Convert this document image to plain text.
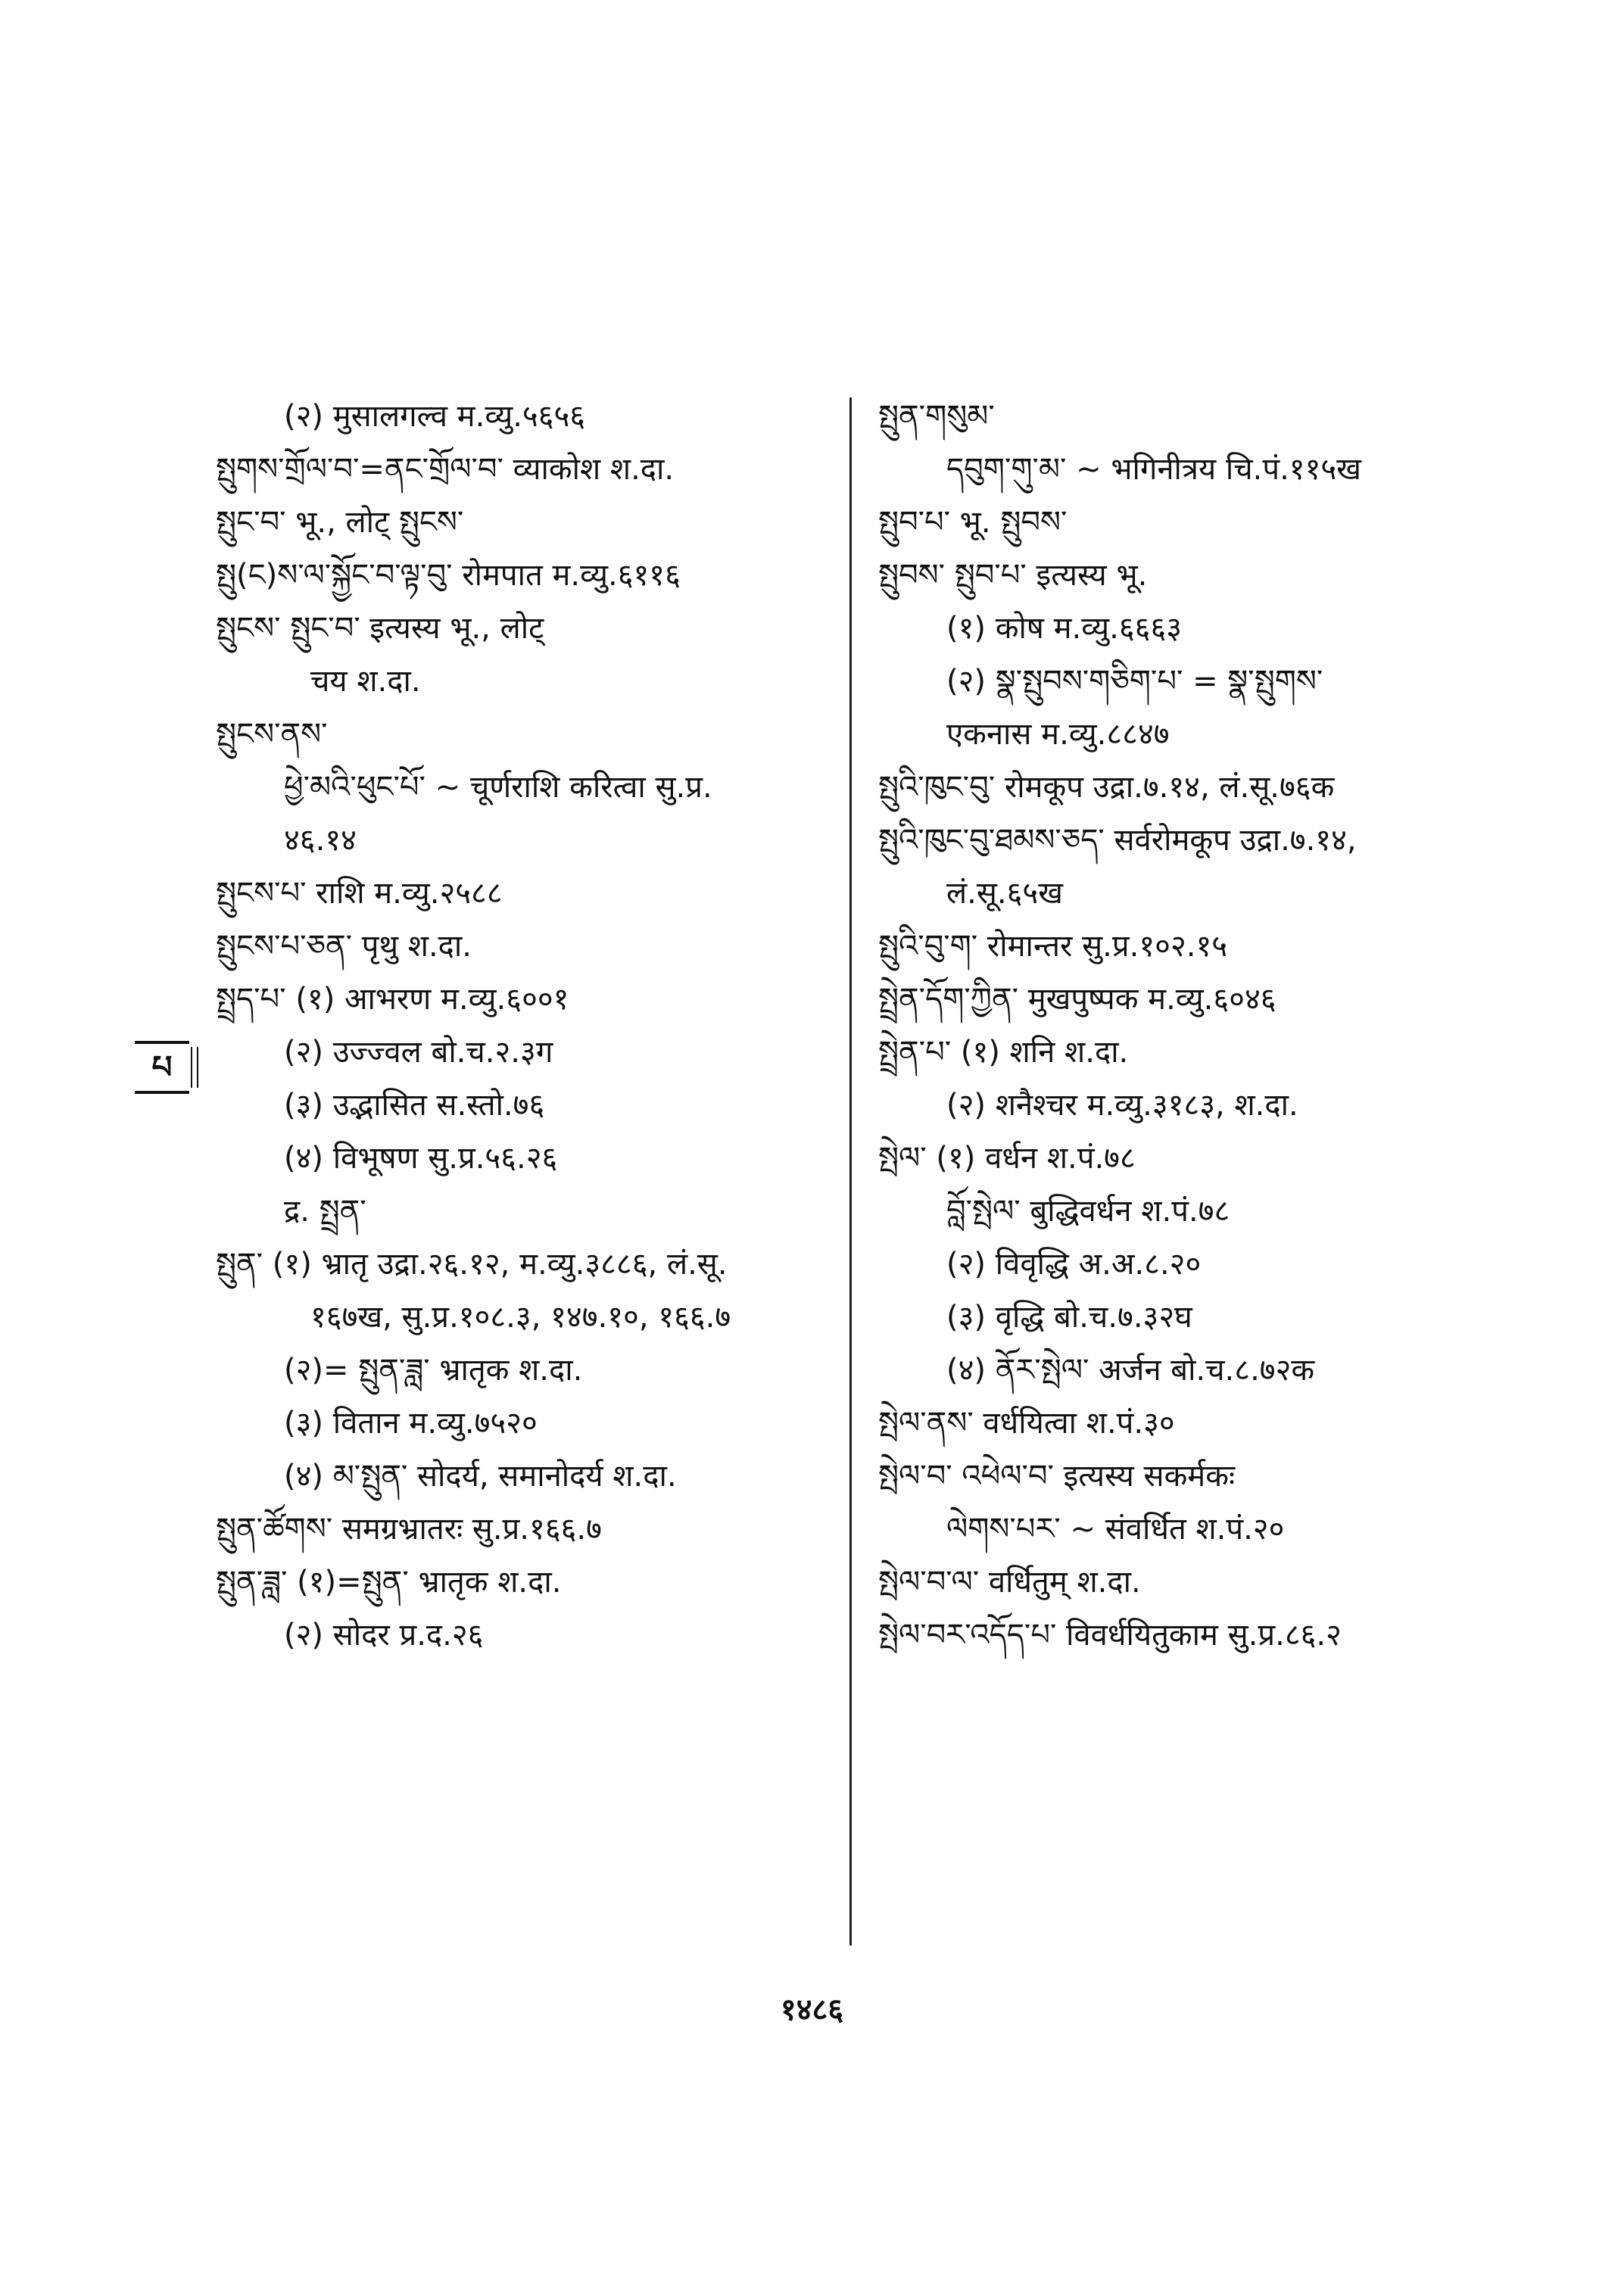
པ
(२) मुसालगल्व म.व्यु.५६५६
སྤུགས་གྲོལ་བ་=ནང་གྲོལ་བ་ व्याकोश श.दा.
སྤུང་བ་ भू., लोट् སྤུངས་
སྤུ(ང)ས་ལ་སྐྱོང་བ་ལྟ་བུ་ रोमपात म.व्यु.६११६
སྤུངས་ སྤུང་བ་ इत्यस्य भू., लोट्
चय श.दा.
སྤུངས་ནས་
ཕྱེ་མའི་ཕུང་པོ་ ~ चूर्णराशि करित्वा सु.प्र.
४६.१४
སྤུངས་པ་ राशि म.व्यु.२५८८
སྤུངས་པ་ཅན་ पृथु श.दा.
སྤྲད་པ་ (१) आभरण म.व्यु.६००१
(२) उज्ज्वल बो.च.२.३ग
(३) उद्भासित स.स्तो.७६
(४) विभूषण सु.प्र.५६.२६
द्र. སྤྲན་
སྤུན་ (१) भ्रातृ उद्रा.२६.१२, म.व्यु.३८८६, लं.सू.
१६७ख, सु.प्र.१०८.३, १४७.१०, १६६.७
(२)= སྤུན་ཟླ་ भ्रातृक श.दा.
(३) वितान म.व्यु.७५२०
(४) མ་སྤུན་ सोदर्य, समानोदर्य श.दा.
སྤུན་ཚོགས་ समग्रभ्रातरः सु.प्र.१६६.७
སྤུན་ཟླ་ (१)=སྤུན་ भ्रातृक श.दा.
(२) सोदर प्र.द.२६
སྤུན་གསུམ་
དབུག་གུ་མ་ ~ भगिनीत्रय चि.पं.११५ख
སྤུབ་པ་ भू. སྤུབས་
སྤུབས་ སྤུབ་པ་ इत्यस्य भू.
(१) कोष म.व्यु.६६६३
(२) སྣ་སྤུབས་གཅིག་པ་ = སྣ་སྤུགས་
एकनास म.व्यु.८८४७
སྤུའི་ཁུང་བུ་ रोमकूप उद्रा.७.१४, लं.सू.७६क
སྤུའི་ཁུང་བུ་ཐམས་ཅད་ सर्वरोमकूप उद्रा.७.१४,
लं.सू.६५ख
སྤུའི་བུ་ག་ रोमान्तर सु.प्र.१०२.१५
སྤྲེན་དོག་ཀྱིན་ मुखपुष्पक म.व्यु.६०४६
སྤྲེན་པ་ (१) शनि श.दा.
(२) शनैश्चर म.व्यु.३१८३, श.दा.
སྤེལ་ (१) वर्धन श.पं.७८
བློ་སྤེལ་ बुद्धिवर्धन श.पं.७८
(२) विवृद्धि अ.अ.८.२०
(३) वृद्धि बो.च.७.३२घ
(४) ནོར་སྤེལ་ अर्जन बो.च.८.७२क
སྤེལ་ནས་ वर्धयित्वा श.पं.३०
སྤེལ་བ་ འཕེལ་བ་ इत्यस्य सकर्मकः
ལེགས་པར་ ~ संवर्धित श.पं.२०
སྤེལ་བ་ལ་ वर्धितुम् श.दा.
སྤེལ་བར་འདོད་པ་ विवर्धयितुकाम सु.प्र.८६.२
१४८६
